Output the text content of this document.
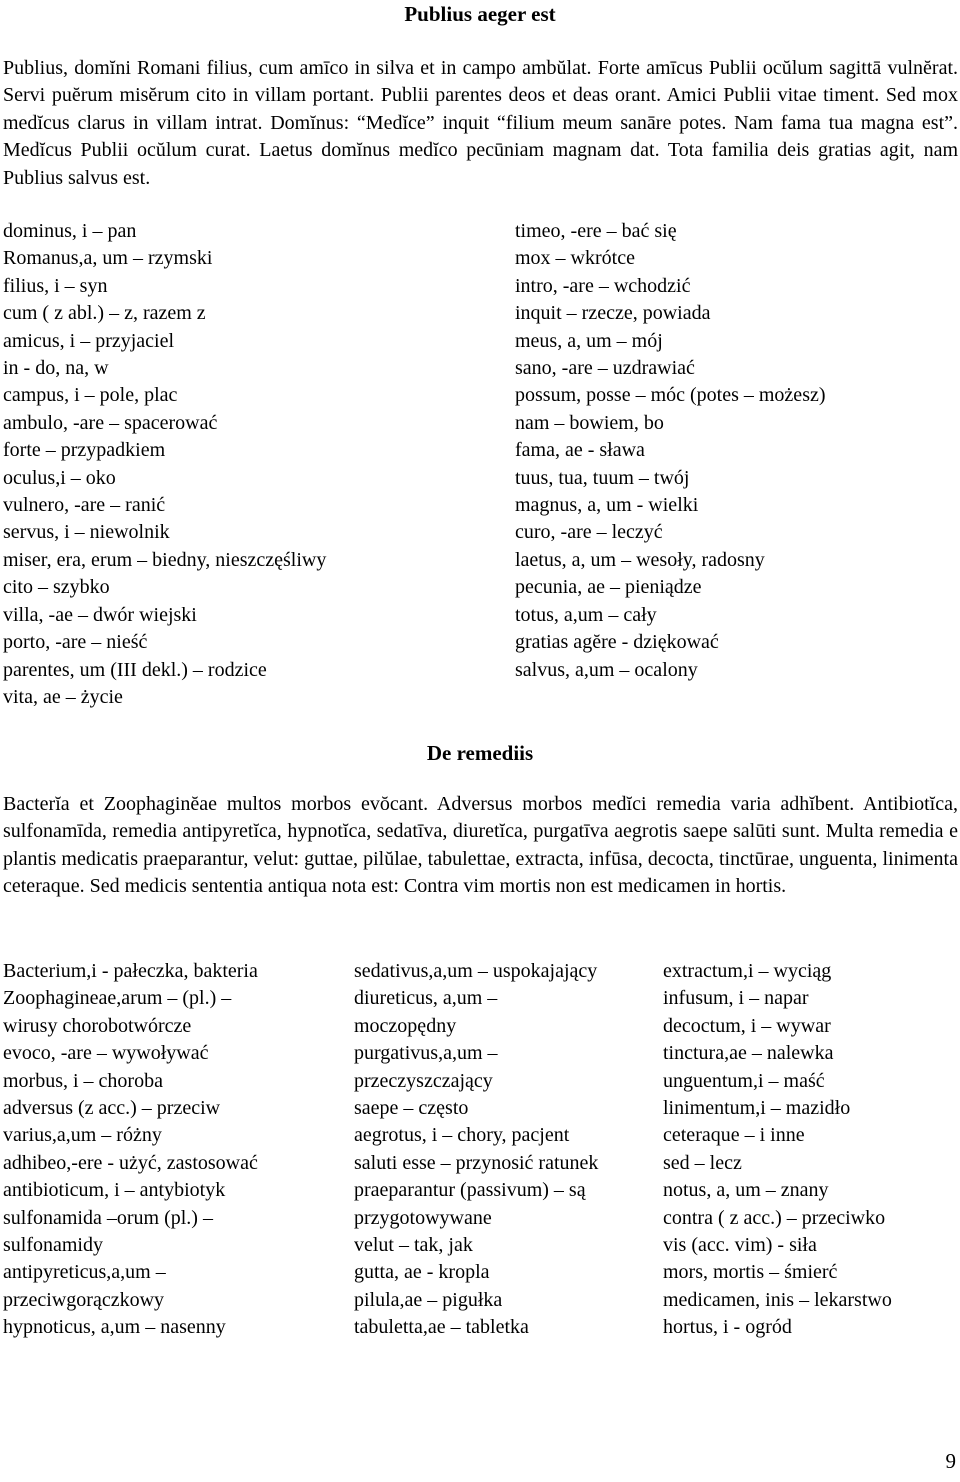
Publius aeger est
Publius, domĭni Romani filius, cum amīco in silva et in campo ambŭlat. Forte amīcus Publii ocŭlum sagittā vulnĕrat. Servi puĕrum misĕrum cito in villam portant. Publii parentes deos et deas orant. Amici Publii vitae timent. Sed mox medĭcus clarus in villam intrat. Domĭnus: “Medĭce” inquit “filium meum sanāre potes. Nam fama tua magna est”. Medĭcus Publii ocŭlum curat. Laetus domĭnus medĭco pecūniam magnam dat. Tota familia deis gratias agit, nam Publius salvus est.
dominus, i – pan
Romanus,a, um – rzymski
filius, i – syn
cum ( z abl.) – z, razem z
amicus, i – przyjaciel
in - do, na, w
campus, i – pole, plac
ambulo, -are – spacerować
forte – przypadkiem
oculus,i – oko
vulnero, -are – ranić
servus, i – niewolnik
miser, era, erum – biedny, nieszczęśliwy
cito – szybko
villa, -ae – dwór wiejski
porto, -are – nieść
parentes, um (III dekl.) – rodzice
vita, ae – życie
timeo, -ere – bać się
mox – wkrótce
intro, -are – wchodzić
inquit – rzecze, powiada
meus, a, um – mój
sano, -are – uzdrawiać
possum, posse – móc (potes – możesz)
nam – bowiem, bo
fama, ae - sława
tuus, tua, tuum – twój
magnus, a, um - wielki
curo, -are – leczyć
laetus, a, um – wesoły, radosny
pecunia, ae – pieniądze
totus, a,um – cały
gratias agĕre - dziękować
salvus, a,um – ocalony
De remediis
Bacterĭa et Zoophaginĕae multos morbos evŏcant. Adversus morbos medĭci remedia varia adhĭbent. Antibiotĭca, sulfonamīda, remedia antipyretĭca, hypnotĭca, sedatīva, diuretĭca, purgatīva aegrotis saepe salūti sunt. Multa remedia e plantis medicatis praeparantur, velut: guttae, pilŭlae, tabulettae, extracta, infūsa, decocta, tinctūrae, unguenta, linimenta ceteraque. Sed medicis sententia antiqua nota est: Contra vim mortis non est medicamen in hortis.
Bacterium,i - pałeczka, bakteria
Zoophagineae,arum – (pl.) –
wirusy chorobotwórcze
evoco, -are – wywoływać
morbus, i – choroba
adversus (z acc.) – przeciw
varius,a,um – różny
adhibeo,-ere - użyć, zastosować
antibioticum, i – antybiotyk
sulfonamida –orum (pl.) –
sulfonamidy
antipyreticus,a,um –
przeciwgorączkowy
hypnoticus, a,um – nasenny
sedativus,a,um – uspokajający
diureticus, a,um –
moczopędny
purgativus,a,um –
przeczyszczający
saepe – często
aegrotus, i – chory, pacjent
saluti esse – przynosić ratunek
praeparantur (passivum) – są
przygotowywane
velut – tak, jak
gutta, ae - kropla
pilula,ae – pigułka
tabuletta,ae – tabletka
extractum,i – wyciąg
infusum, i – napar
decoctum, i – wywar
tinctura,ae – nalewka
unguentum,i – maść
linimentum,i – mazidło
ceteraque – i inne
sed – lecz
notus, a, um – znany
contra ( z acc.) – przeciwko
vis (acc. vim) - siła
mors, mortis – śmierć
medicamen, inis – lekarstwo
hortus, i - ogród
9
